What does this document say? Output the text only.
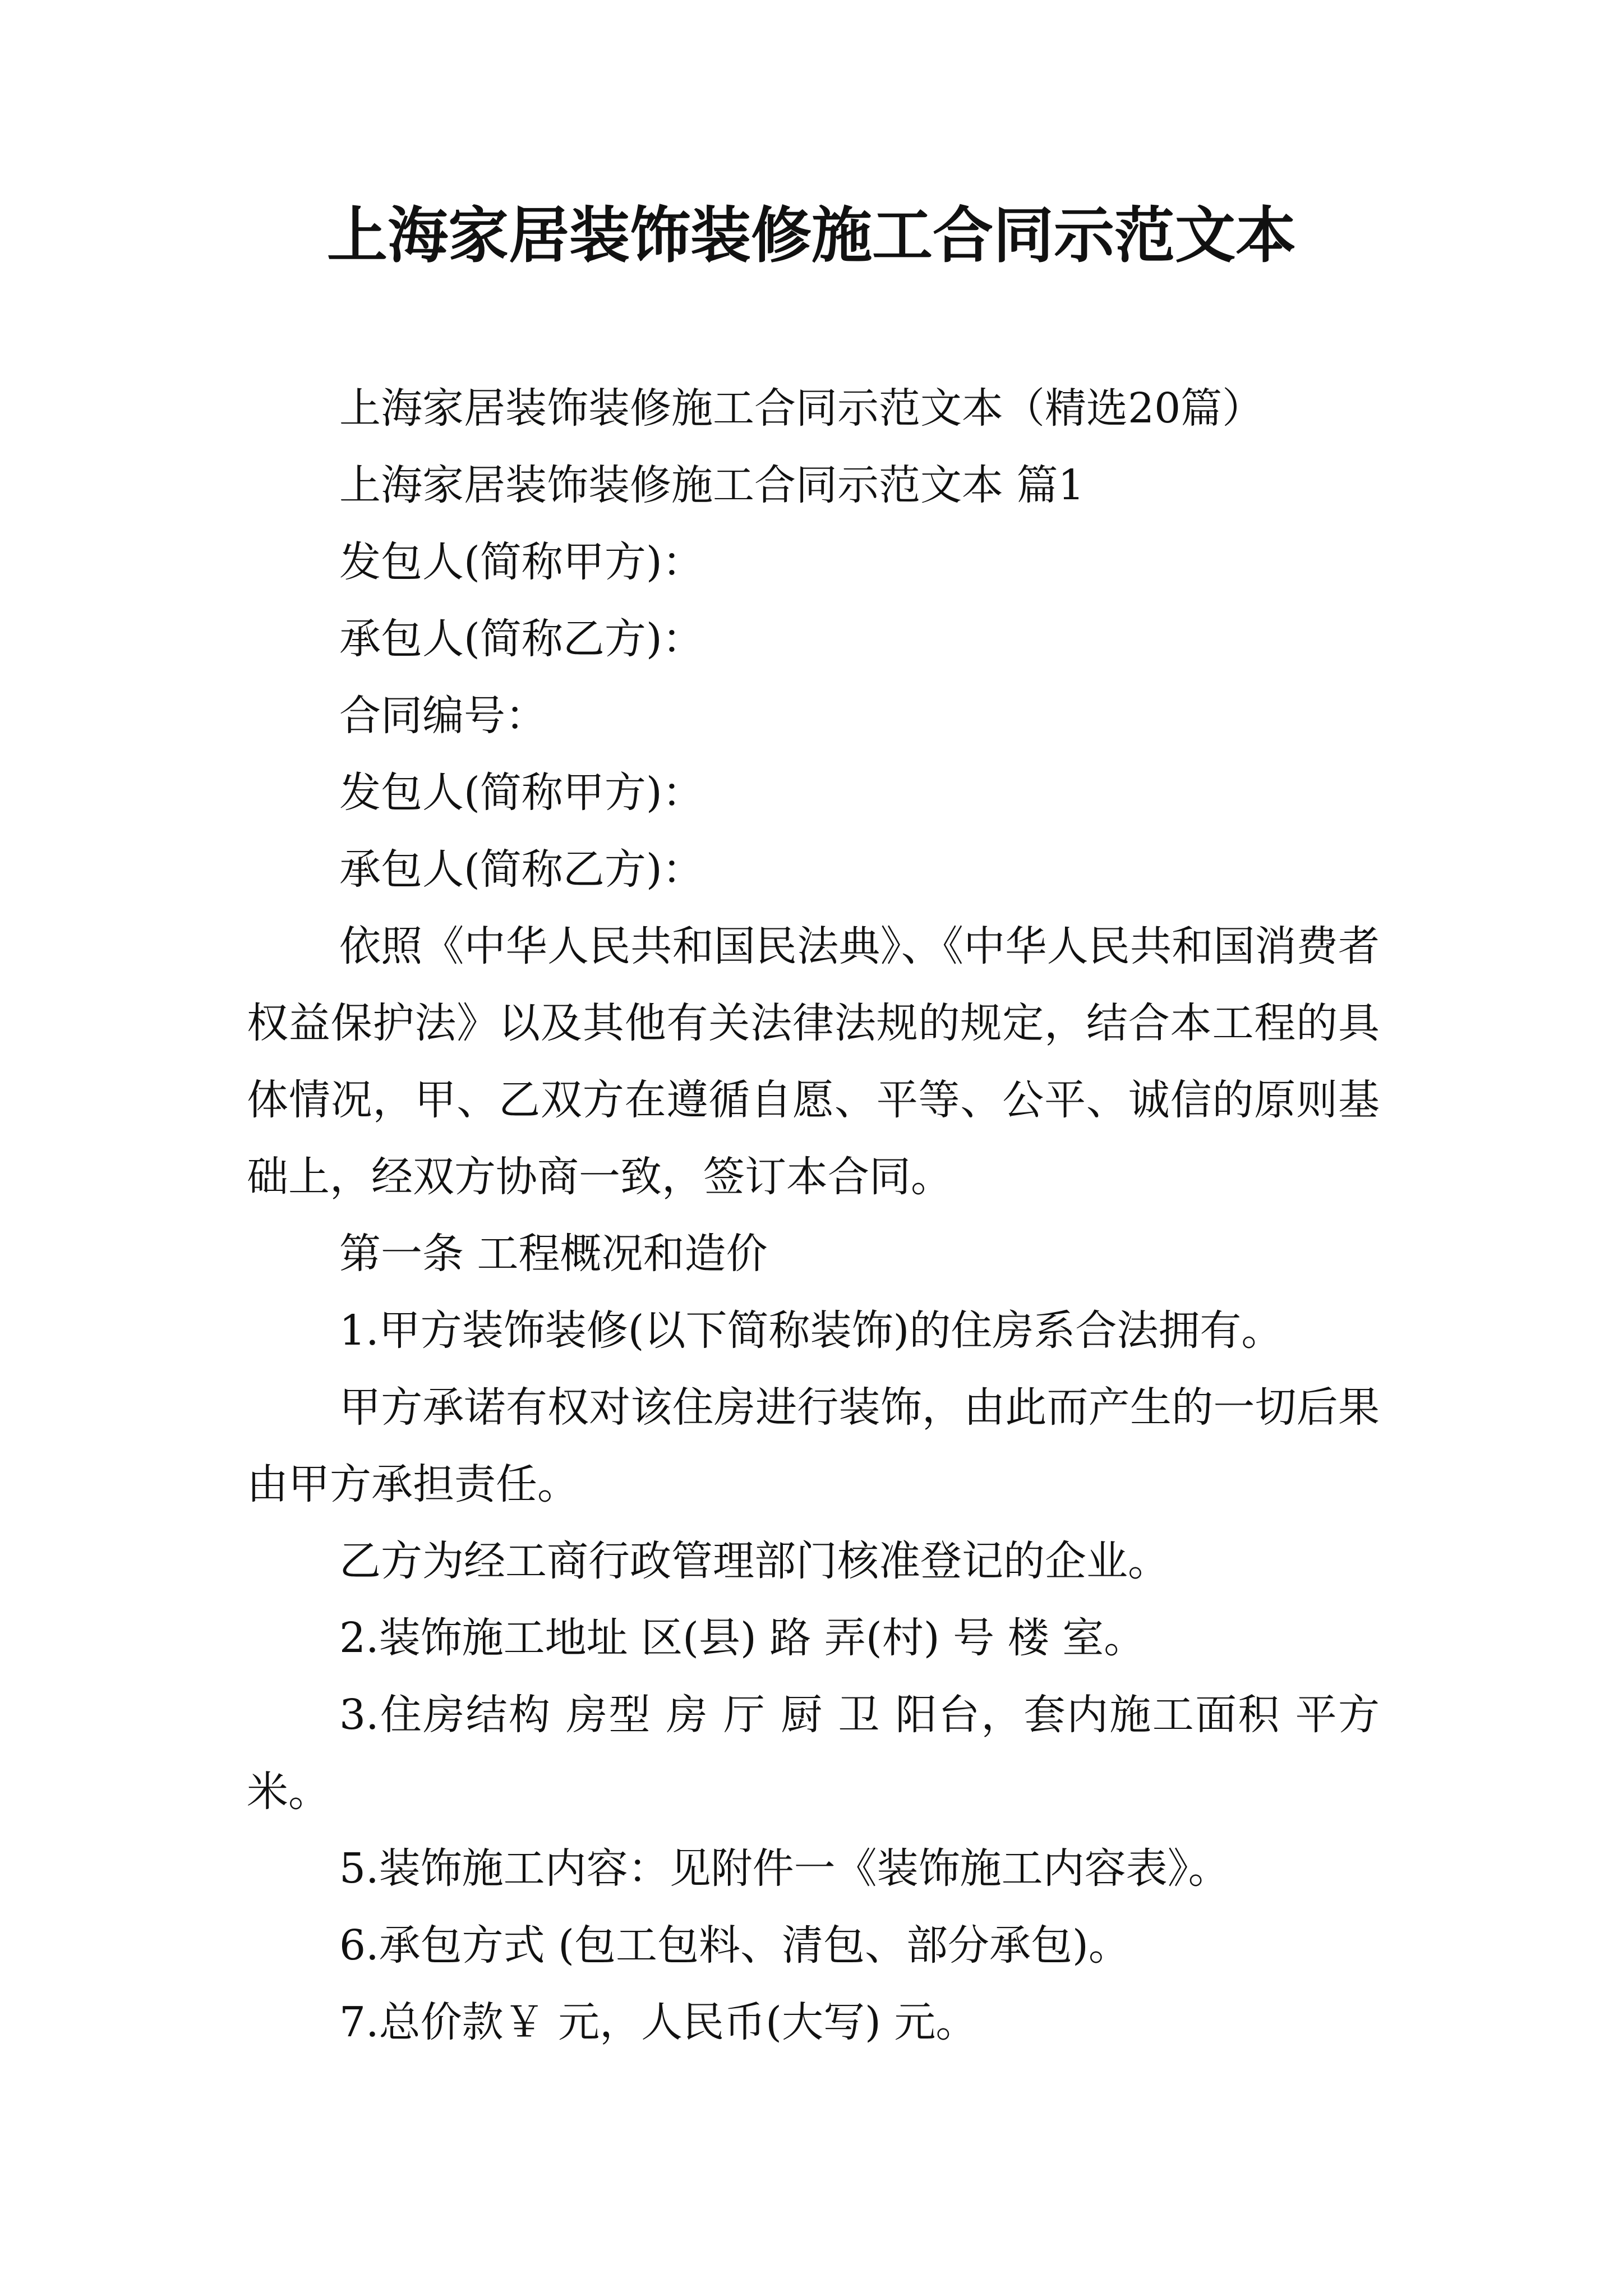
上海家居装饰装修施工合同示范文本

上海家居装饰装修施工合同示范文本（精选20篇）

上海家居装饰装修施工合同示范文本 篇1

发包人(简称甲方)：

承包人(简称乙方)：

合同编号：

发包人(简称甲方)：

承包人(简称乙方)：

依照《中华人民共和国民法典》、《中华人民共和国消费者权益保护法》以及其他有关法律法规的规定，结合本工程的具体情况，甲、乙双方在遵循自愿、平等、公平、诚信的原则基础上，经双方协商一致，签订本合同。

第一条 工程概况和造价

1.甲方装饰装修(以下简称装饰)的住房系合法拥有。

甲方承诺有权对该住房进行装饰，由此而产生的一切后果由甲方承担责任。

乙方为经工商行政管理部门核准登记的企业。

2.装饰施工地址 区(县) 路 弄(村) 号 楼 室。

3.住房结构 房型 房 厅 厨 卫 阳台，套内施工面积 平方米。

5.装饰施工内容：见附件一《装饰施工内容表》。

6.承包方式 (包工包料、清包、部分承包)。

7.总价款￥ 元，人民币(大写) 元。
